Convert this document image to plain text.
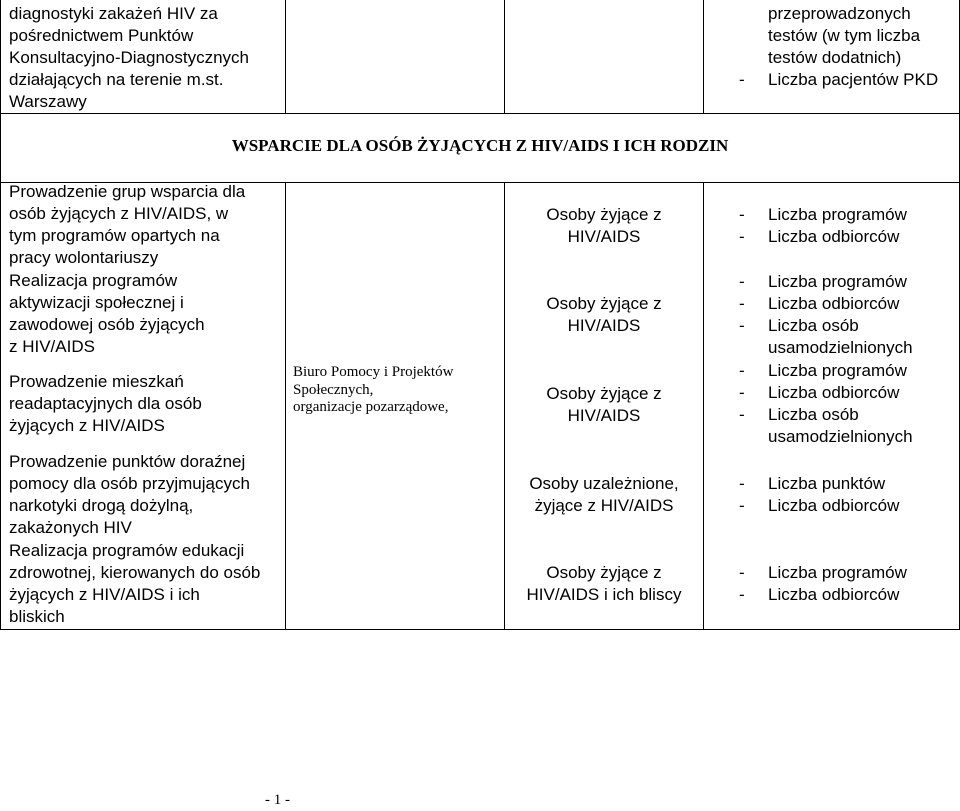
diagnostyki zakażeń HIV za
pośrednictwem Punktów
Konsultacyjno-Diagnostycznych
działających na terenie m.st.
Warszawy
przeprowadzonych
testów (w tym liczba
testów dodatnich)
- Liczba pacjentów PKD
WSPARCIE DLA OSÓB ŻYJĄCYCH Z HIV/AIDS I ICH RODZIN
Prowadzenie grup wsparcia dla
osób żyjących z HIV/AIDS, w
tym programów opartych na
pracy wolontariuszy
Realizacja programów
aktywizacji społecznej i
zawodowej osób żyjących
z HIV/AIDS
Prowadzenie mieszkań
readaptacyjnych dla osób
żyjących z HIV/AIDS
Prowadzenie punktów doraźnej
pomocy dla osób przyjmujących
narkotyki drogą dożylną,
zakażonych HIV
Realizacja programów edukacji
zdrowotnej, kierowanych do osób
żyjących z HIV/AIDS i ich
bliskich
Biuro Pomocy i Projektów
Społecznych,
organizacje pozarządowe,
Osoby żyjące z
HIV/AIDS
Osoby żyjące z
HIV/AIDS
Osoby żyjące z
HIV/AIDS
Osoby uzależnione,
żyjące z HIV/AIDS
Osoby żyjące z
HIV/AIDS i ich bliscy
- Liczba programów
- Liczba odbiorców
- Liczba programów
- Liczba odbiorców
- Liczba osób
usamodzielnionych
- Liczba programów
- Liczba odbiorców
- Liczba osób
usamodzielnionych
- Liczba punktów
- Liczba odbiorców
- Liczba programów
- Liczba odbiorców
- 1 -
